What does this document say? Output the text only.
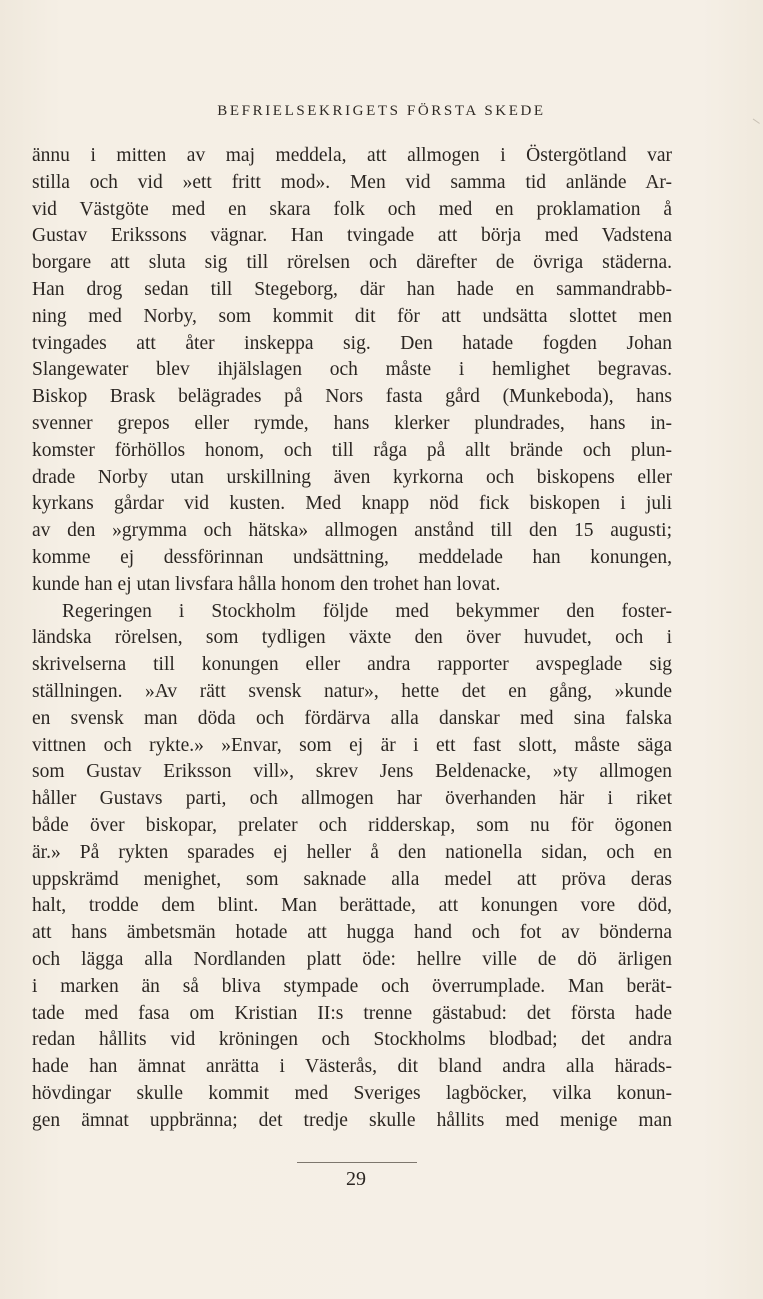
BEFRIELSEKRIGETS FÖRSTA SKEDE
ännu i mitten av maj meddela, att allmogen i Östergötland var
stilla och vid »ett fritt mod». Men vid samma tid anlände Ar-
vid Västgöte med en skara folk och med en proklamation å
Gustav Erikssons vägnar. Han tvingade att börja med Vadstena
borgare att sluta sig till rörelsen och därefter de övriga städerna.
Han drog sedan till Stegeborg, där han hade en sammandrabb-
ning med Norby, som kommit dit för att undsätta slottet men
tvingades att åter inskeppa sig. Den hatade fogden Johan
Slangewater blev ihjälslagen och måste i hemlighet begravas.
Biskop Brask belägrades på Nors fasta gård (Munkeboda), hans
svenner grepos eller rymde, hans klerker plundrades, hans in-
komster förhöllos honom, och till råga på allt brände och plun-
drade Norby utan urskillning även kyrkorna och biskopens eller
kyrkans gårdar vid kusten. Med knapp nöd fick biskopen i juli
av den »grymma och hätska» allmogen anstånd till den 15 augusti;
komme ej dessförinnan undsättning, meddelade han konungen,
kunde han ej utan livsfara hålla honom den trohet han lovat.
Regeringen i Stockholm följde med bekymmer den foster-
ländska rörelsen, som tydligen växte den över huvudet, och i
skrivelserna till konungen eller andra rapporter avspeglade sig
ställningen. »Av rätt svensk natur», hette det en gång, »kunde
en svensk man döda och fördärva alla danskar med sina falska
vittnen och rykte.» »Envar, som ej är i ett fast slott, måste säga
som Gustav Eriksson vill», skrev Jens Beldenacke, »ty allmogen
håller Gustavs parti, och allmogen har överhanden här i riket
både över biskopar, prelater och ridderskap, som nu för ögonen
är.» På rykten sparades ej heller å den nationella sidan, och en
uppskrämd menighet, som saknade alla medel att pröva deras
halt, trodde dem blint. Man berättade, att konungen vore död,
att hans ämbetsmän hotade att hugga hand och fot av bönderna
och lägga alla Nordlanden platt öde: hellre ville de dö ärligen
i marken än så bliva stympade och överrumplade. Man berät-
tade med fasa om Kristian II:s trenne gästabud: det första hade
redan hållits vid kröningen och Stockholms blodbad; det andra
hade han ämnat anrätta i Västerås, dit bland andra alla härads-
hövdingar skulle kommit med Sveriges lagböcker, vilka konun-
gen ämnat uppbränna; det tredje skulle hållits med menige man
29
